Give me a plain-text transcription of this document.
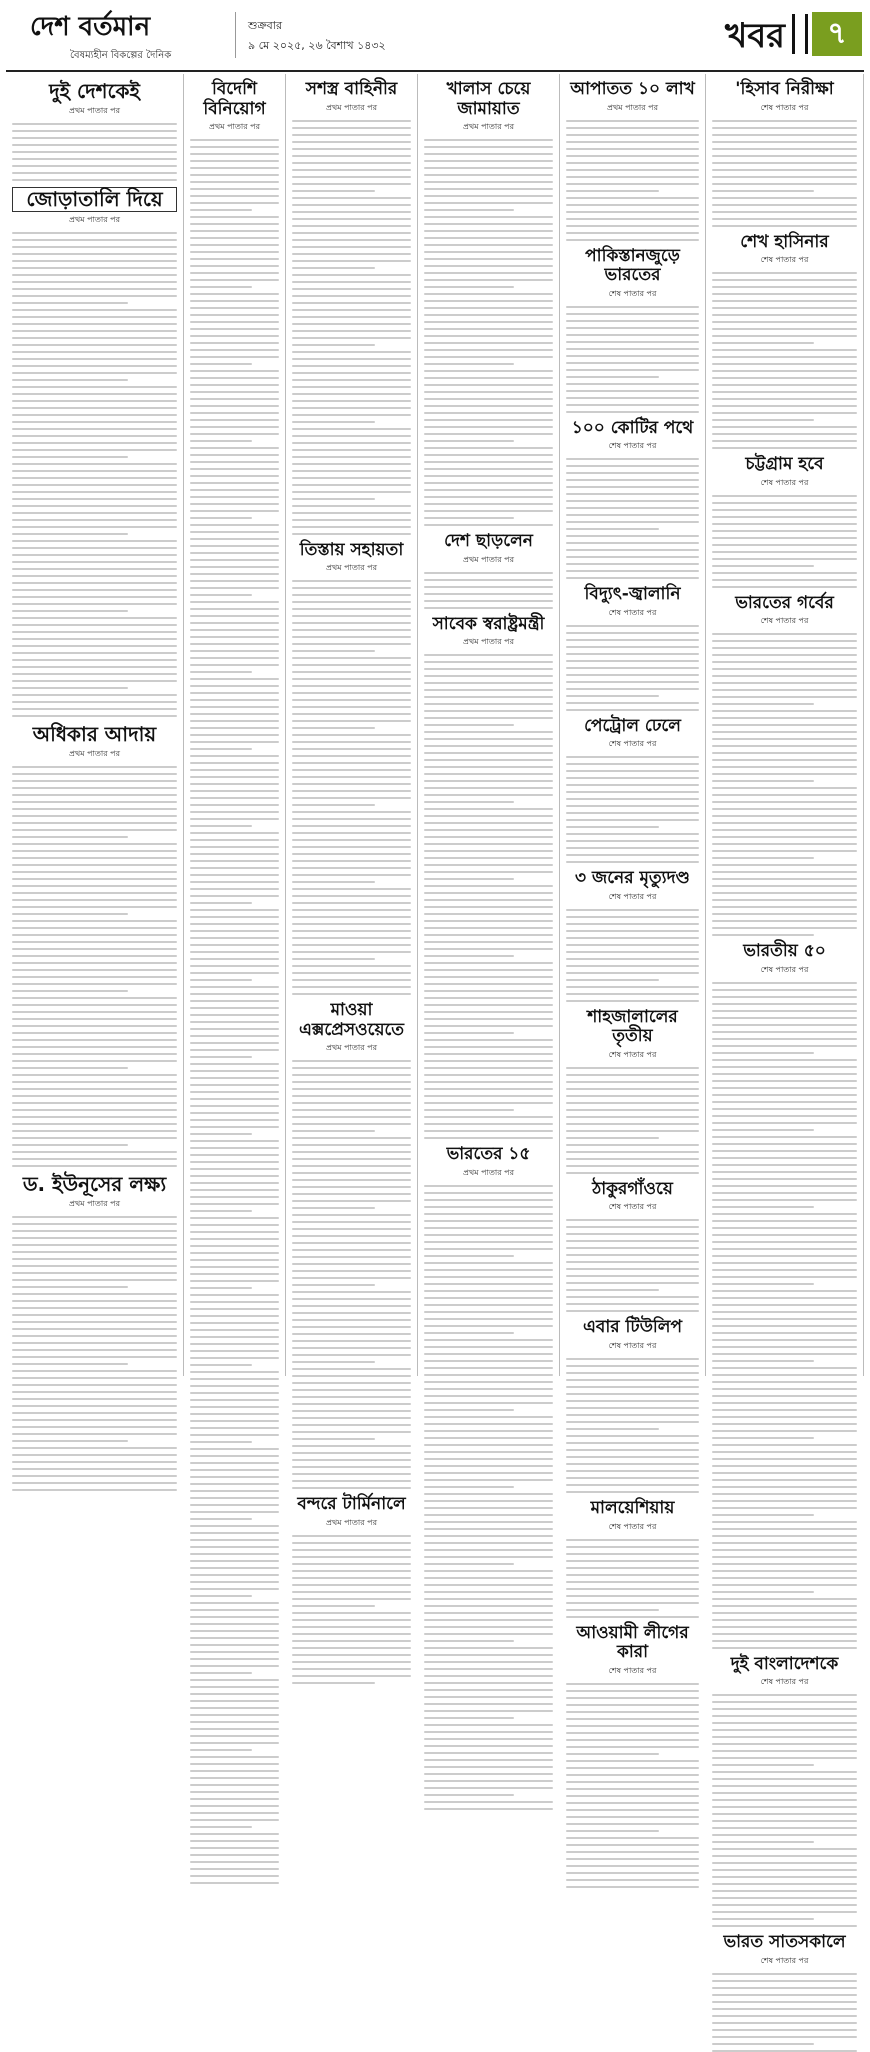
দেশ বর্তমান
বৈষম্যহীন বিকল্পের দৈনিক
শুক্রবার
৯ মে ২০২৫, ২৬ বৈশাখ ১৪৩২	খবর	৭
দুই দেশকেই
প্রথম পাতার পর
জোড়াতালি দিয়ে
প্রথম পাতার পর
অধিকার আদায়
প্রথম পাতার পর
ড. ইউনূসের লক্ষ্য
প্রথম পাতার পর
বিদেশি বিনিয়োগ
প্রথম পাতার পর
সশস্ত্র বাহিনীর
প্রথম পাতার পর
তিস্তায় সহায়তা
প্রথম পাতার পর
মাওয়া এক্সপ্রেসওয়েতে
প্রথম পাতার পর
বন্দরে টার্মিনালে
প্রথম পাতার পর
খালাস চেয়ে জামায়াত
প্রথম পাতার পর
দেশ ছাড়লেন
প্রথম পাতার পর
সাবেক স্বরাষ্ট্রমন্ত্রী
প্রথম পাতার পর
ভারতের ১৫
প্রথম পাতার পর
আপাতত ১০ লাখ
প্রথম পাতার পর
পাকিস্তানজুড়ে ভারতের
শেষ পাতার পর
১০০ কোটির পথে
শেষ পাতার পর
বিদ্যুৎ-জ্বালানি
শেষ পাতার পর
পেট্রোল ঢেলে
শেষ পাতার পর
৩ জনের মৃত্যুদণ্ড
শেষ পাতার পর
শাহজালালের তৃতীয়
শেষ পাতার পর
ঠাকুরগাঁওয়ে
শেষ পাতার পর
এবার টিউলিপ
শেষ পাতার পর
মালয়েশিয়ায়
শেষ পাতার পর
আওয়ামী লীগের কারা
শেষ পাতার পর
'হিসাব নিরীক্ষা
শেষ পাতার পর
শেখ হাসিনার
শেষ পাতার পর
চট্টগ্রাম হবে
শেষ পাতার পর
ভারতের গর্বের
শেষ পাতার পর
ভারতীয় ৫০
শেষ পাতার পর
দুই বাংলাদেশকে
শেষ পাতার পর
ভারত সাতসকালে
শেষ পাতার পর
